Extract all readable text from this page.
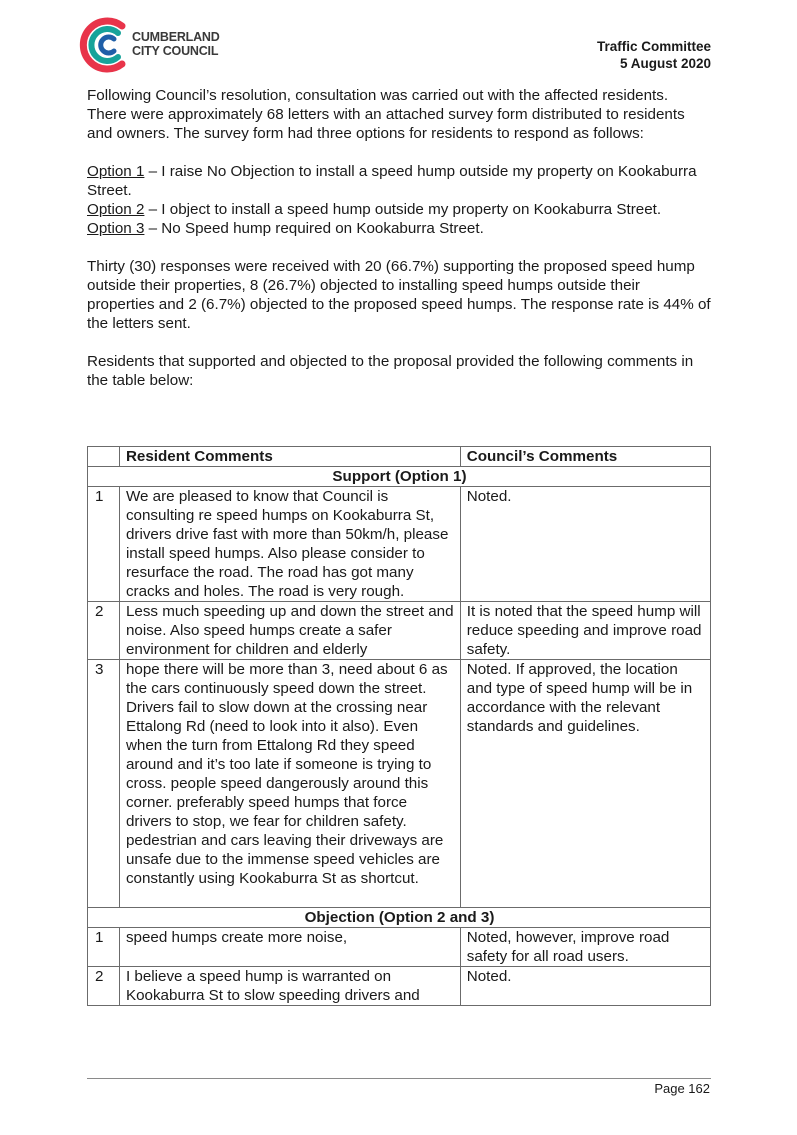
CUMBERLAND
CITY COUNCIL	Traffic Committee
5 August 2020

Following Council’s resolution, consultation was carried out with the affected residents. There were approximately 68 letters with an attached survey form distributed to residents and owners. The survey form had three options for residents to respond as follows:

Option 1 – I raise No Objection to install a speed hump outside my property on Kookaburra Street.
Option 2 – I object to install a speed hump outside my property on Kookaburra Street.
Option 3 – No Speed hump required on Kookaburra Street.

Thirty (30) responses were received with 20 (66.7%) supporting the proposed speed hump outside their properties, 8 (26.7%) objected to installing speed humps outside their properties and 2 (6.7%) objected to the proposed speed humps. The response rate is 44% of the letters sent.

Residents that supported and objected to the proposal provided the following comments in the table below:

	Resident Comments	Council’s Comments
Support (Option 1)		
1	We are pleased to know that Council is consulting re speed humps on Kookaburra St, drivers drive fast with more than 50km/h, please install speed humps. Also please consider to resurface the road. The road has got many cracks and holes. The road is very rough.	Noted.
2	Less much speeding up and down the street and noise. Also speed humps create a safer environment for children and elderly	It is noted that the speed hump will reduce speeding and improve road safety.
3	hope there will be more than 3, need about 6 as the cars continuously speed down the street. Drivers fail to slow down at the crossing near Ettalong Rd (need to look into it also). Even when the turn from Ettalong Rd they speed around and it’s too late if someone is trying to cross. people speed dangerously around this corner. preferably speed humps that force drivers to stop, we fear for children safety. pedestrian and cars leaving their driveways are unsafe due to the immense speed vehicles are constantly using Kookaburra St as shortcut.	Noted. If approved, the location and type of speed hump will be in accordance with the relevant standards and guidelines.
Objection (Option 2 and 3)		
1	speed humps create more noise,	Noted, however, improve road safety for all road users.
2	I believe a speed hump is warranted on Kookaburra St to slow speeding drivers and	Noted.
Page 162
